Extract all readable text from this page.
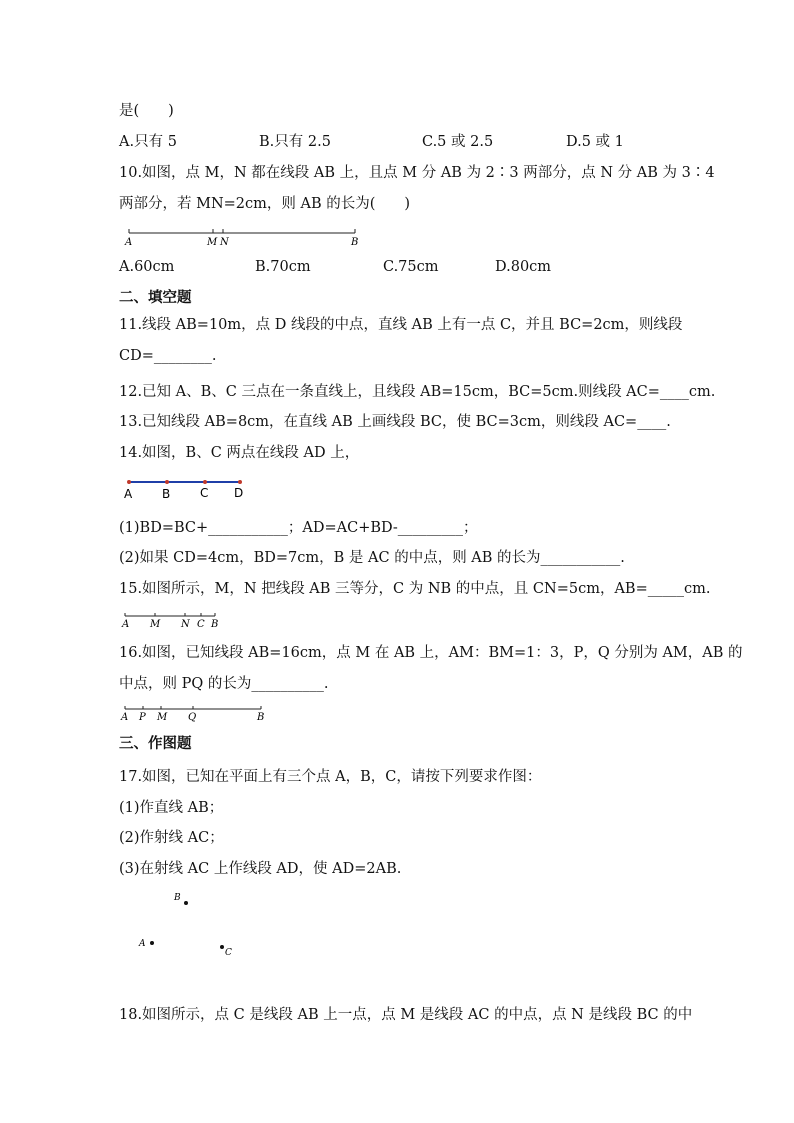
是(　　)
A.只有 5	B.只有 2.5	C.5 或 2.5	D.5 或 1
10.如图，点 M，N 都在线段 AB 上，且点 M 分 AB 为 2∶3 两部分，点 N 分 AB 为 3∶4
两部分，若 MN=2cm，则 AB 的长为(　　)
A	M N	B
A.60cm	B.70cm	C.75cm	D.80cm
二、填空题
11.线段 AB=10m，点 D 线段的中点，直线 AB 上有一点 C，并且 BC=2cm，则线段
CD=________.
12.已知 A、B、C 三点在一条直线上，且线段 AB=15cm，BC=5cm.则线段 AC=____cm.
13.已知线段 AB=8cm，在直线 AB 上画线段 BC，使 BC=3cm，则线段 AC=____.
14.如图，B、C 两点在线段 AD 上，
A B C D
(1)BD=BC+___________；AD=AC+BD-_________；
(2)如果 CD=4cm，BD=7cm，B 是 AC 的中点，则 AB 的长为___________.
15.如图所示，M，N 把线段 AB 三等分，C 为 NB 的中点，且 CN=5cm，AB=_____cm.
A M N C B
16.如图，已知线段 AB=16cm，点 M 在 AB 上，AM：BM=1：3，P，Q 分别为 AM，AB 的
中点，则 PQ 的长为__________.
A P M Q	B
三、作图题
17.如图，已知在平面上有三个点 A，B，C，请按下列要求作图：
(1)作直线 AB；
(2)作射线 AC；
(3)在射线 AC 上作线段 AD，使 AD=2AB.
B
A
C
18.如图所示，点 C 是线段 AB 上一点，点 M 是线段 AC 的中点，点 N 是线段 BC 的中
